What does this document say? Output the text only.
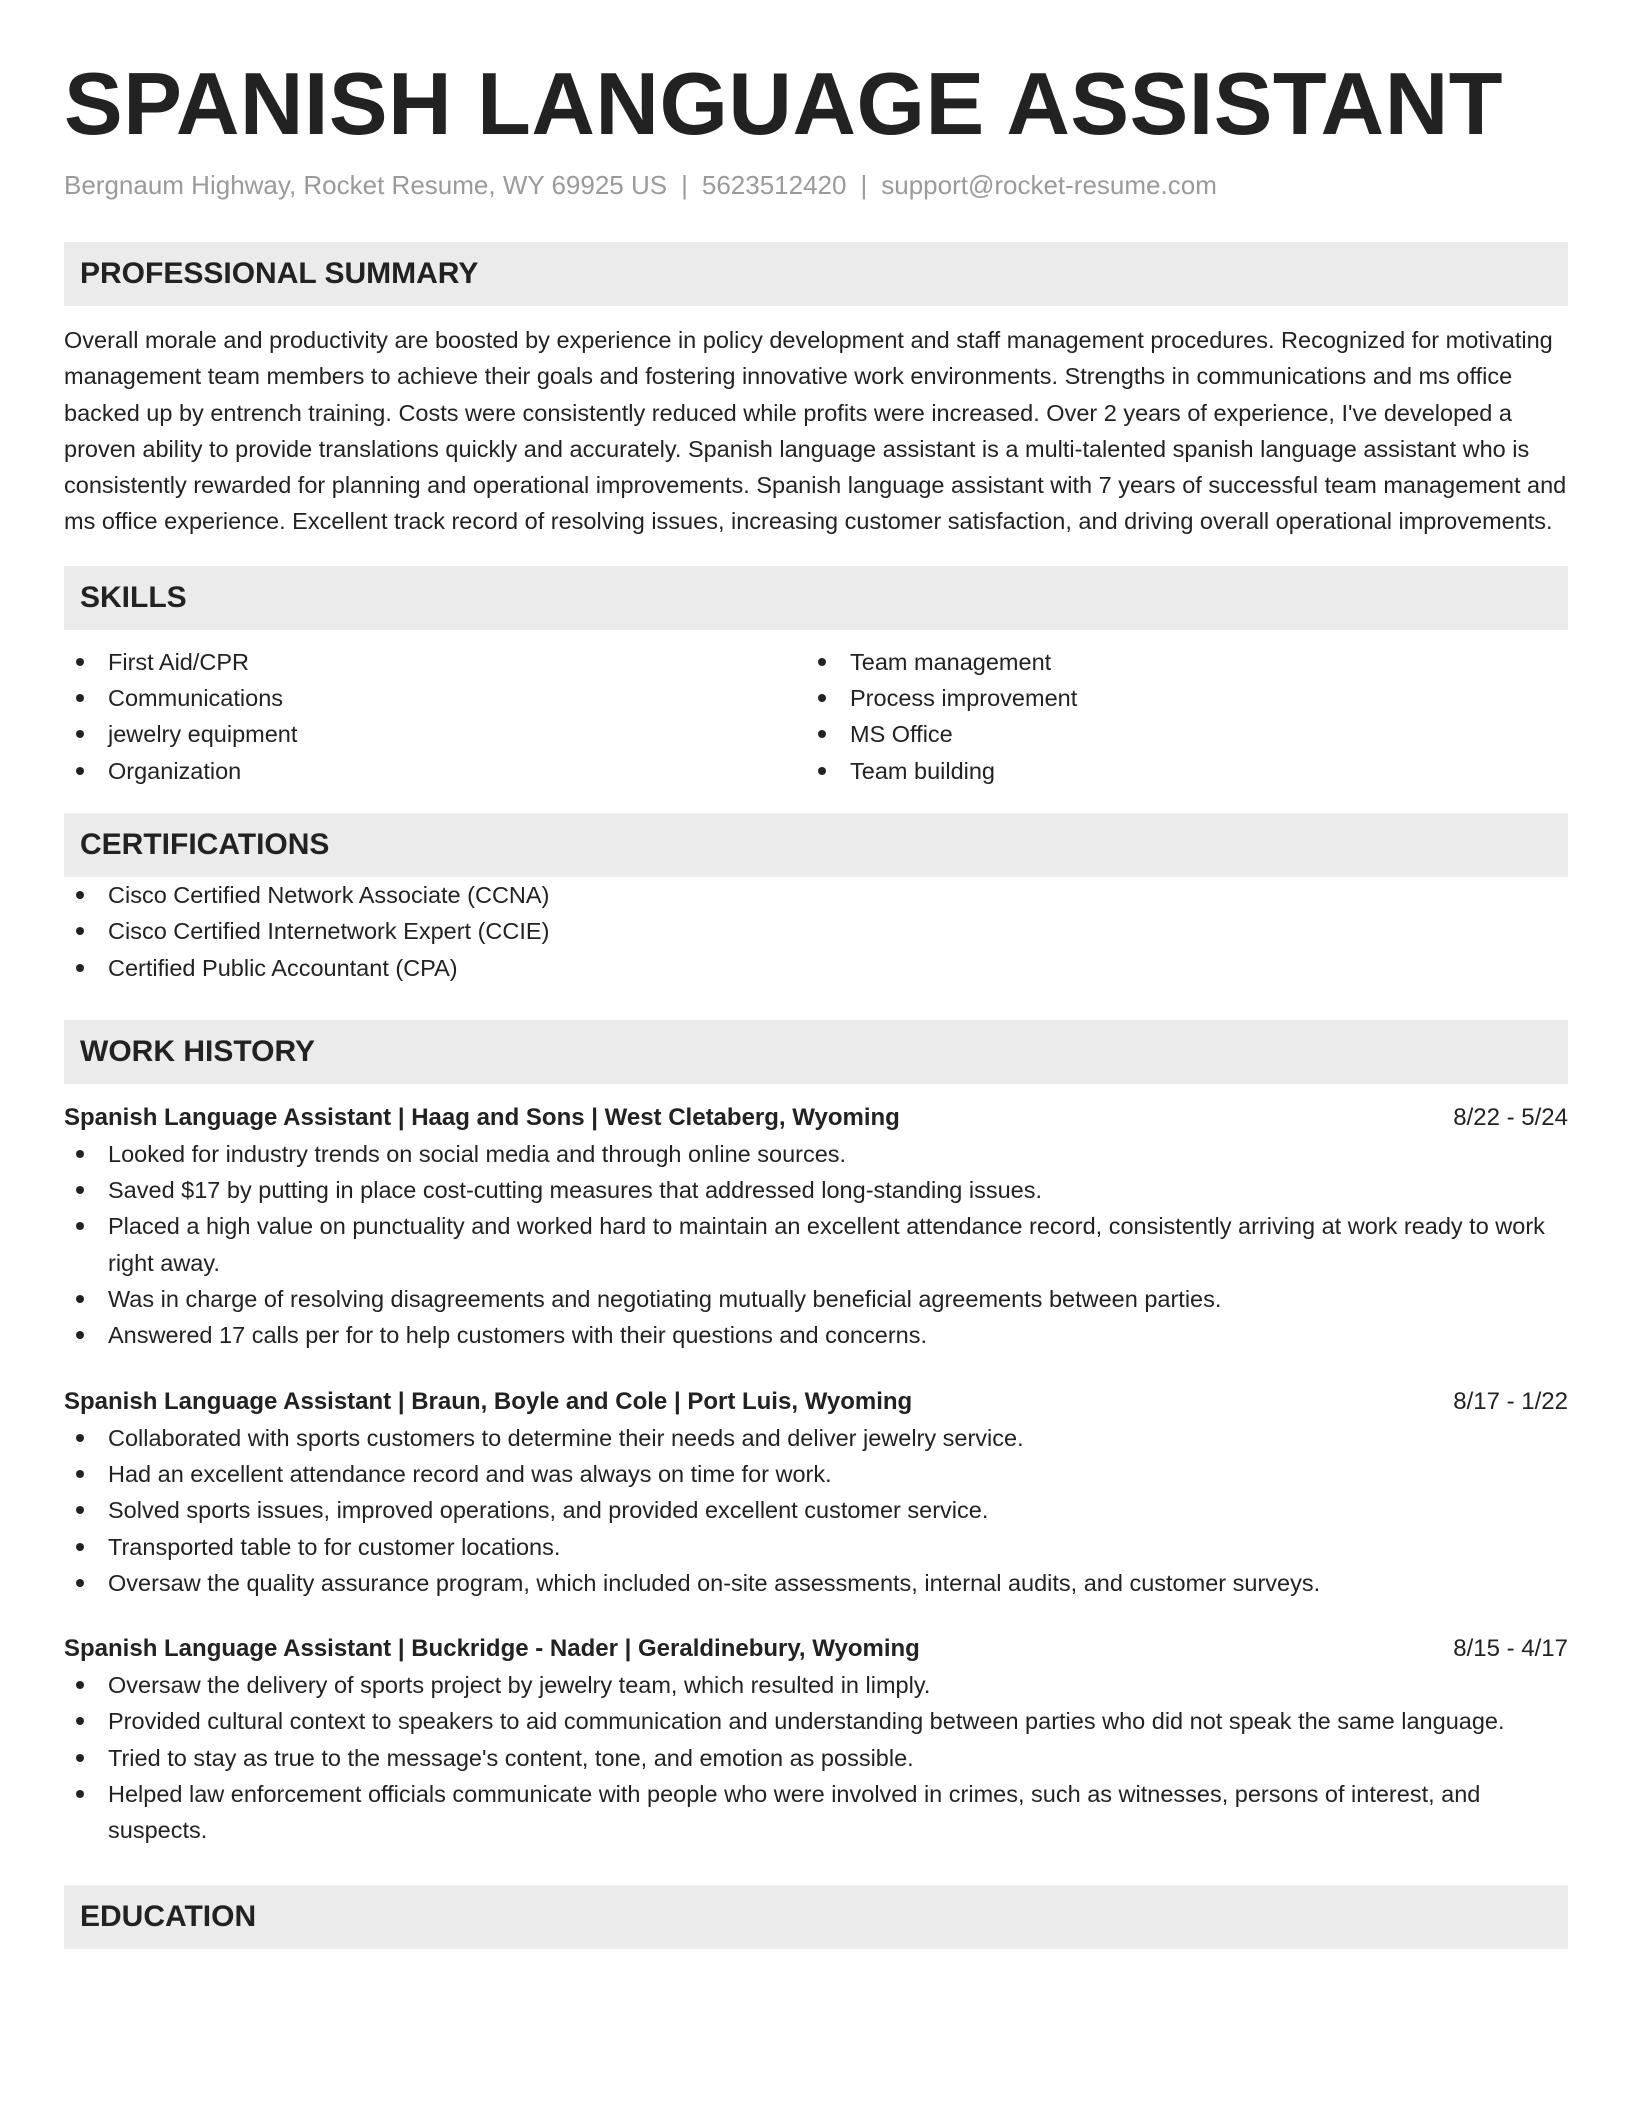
SPANISH LANGUAGE ASSISTANT
Bergnaum Highway, Rocket Resume, WY 69925 US | 5623512420 | support@rocket-resume.com
PROFESSIONAL SUMMARY
Overall morale and productivity are boosted by experience in policy development and staff management procedures. Recognized for motivating management team members to achieve their goals and fostering innovative work environments. Strengths in communications and ms office backed up by entrench training. Costs were consistently reduced while profits were increased. Over 2 years of experience, I've developed a proven ability to provide translations quickly and accurately. Spanish language assistant is a multi-talented spanish language assistant who is consistently rewarded for planning and operational improvements. Spanish language assistant with 7 years of successful team management and ms office experience. Excellent track record of resolving issues, increasing customer satisfaction, and driving overall operational improvements.
SKILLS
First Aid/CPR
Communications
jewelry equipment
Organization
Team management
Process improvement
MS Office
Team building
CERTIFICATIONS
Cisco Certified Network Associate (CCNA)
Cisco Certified Internetwork Expert (CCIE)
Certified Public Accountant (CPA)
WORK HISTORY
Spanish Language Assistant | Haag and Sons | West Cletaberg, Wyoming	8/22 - 5/24
Looked for industry trends on social media and through online sources.
Saved $17 by putting in place cost-cutting measures that addressed long-standing issues.
Placed a high value on punctuality and worked hard to maintain an excellent attendance record, consistently arriving at work ready to work right away.
Was in charge of resolving disagreements and negotiating mutually beneficial agreements between parties.
Answered 17 calls per for to help customers with their questions and concerns.
Spanish Language Assistant | Braun, Boyle and Cole | Port Luis, Wyoming	8/17 - 1/22
Collaborated with sports customers to determine their needs and deliver jewelry service.
Had an excellent attendance record and was always on time for work.
Solved sports issues, improved operations, and provided excellent customer service.
Transported table to for customer locations.
Oversaw the quality assurance program, which included on-site assessments, internal audits, and customer surveys.
Spanish Language Assistant | Buckridge - Nader | Geraldinebury, Wyoming	8/15 - 4/17
Oversaw the delivery of sports project by jewelry team, which resulted in limply.
Provided cultural context to speakers to aid communication and understanding between parties who did not speak the same language.
Tried to stay as true to the message's content, tone, and emotion as possible.
Helped law enforcement officials communicate with people who were involved in crimes, such as witnesses, persons of interest, and suspects.
EDUCATION
